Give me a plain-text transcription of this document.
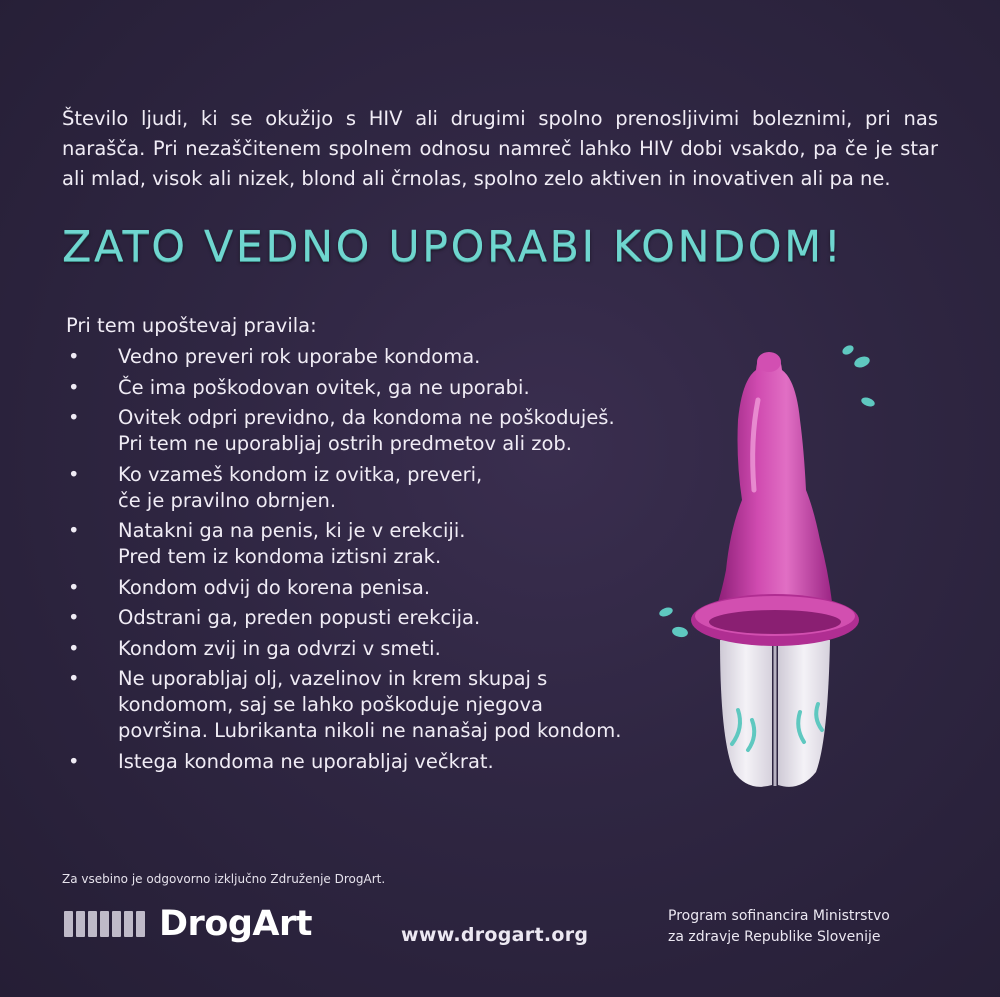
Število ljudi, ki se okužijo s HIV ali drugimi spolno prenosljivimi boleznimi, pri nas narašča. Pri nezaščitenem spolnem odnosu namreč lahko HIV dobi vsakdo, pa če je star ali mlad, visok ali nizek, blond ali črnolas, spolno zelo aktiven in inovativen ali pa ne.
ZATO VEDNO UPORABI KONDOM!
Pri tem upoštevaj pravila:
• Vedno preveri rok uporabe kondoma.
• Če ima poškodovan ovitek, ga ne uporabi.
• Ovitek odpri previdno, da kondoma ne poškoduješ.
Pri tem ne uporabljaj ostrih predmetov ali zob.
• Ko vzameš kondom iz ovitka, preveri,
če je pravilno obrnjen.
• Natakni ga na penis, ki je v erekciji.
Pred tem iz kondoma iztisni zrak.
• Kondom odvij do korena penisa.
• Odstrani ga, preden popusti erekcija.
• Kondom zvij in ga odvrzi v smeti.
• Ne uporabljaj olj, vazelinov in krem skupaj s
kondomom, saj se lahko poškoduje njegova
površina. Lubrikanta nikoli ne nanašaj pod kondom.
• Istega kondoma ne uporabljaj večkrat.
Za vsebino je odgovorno izključno Združenje DrogArt.
DrogArt	www.drogart.org
Program sofinancira Ministrstvo
za zdravje Republike Slovenije
